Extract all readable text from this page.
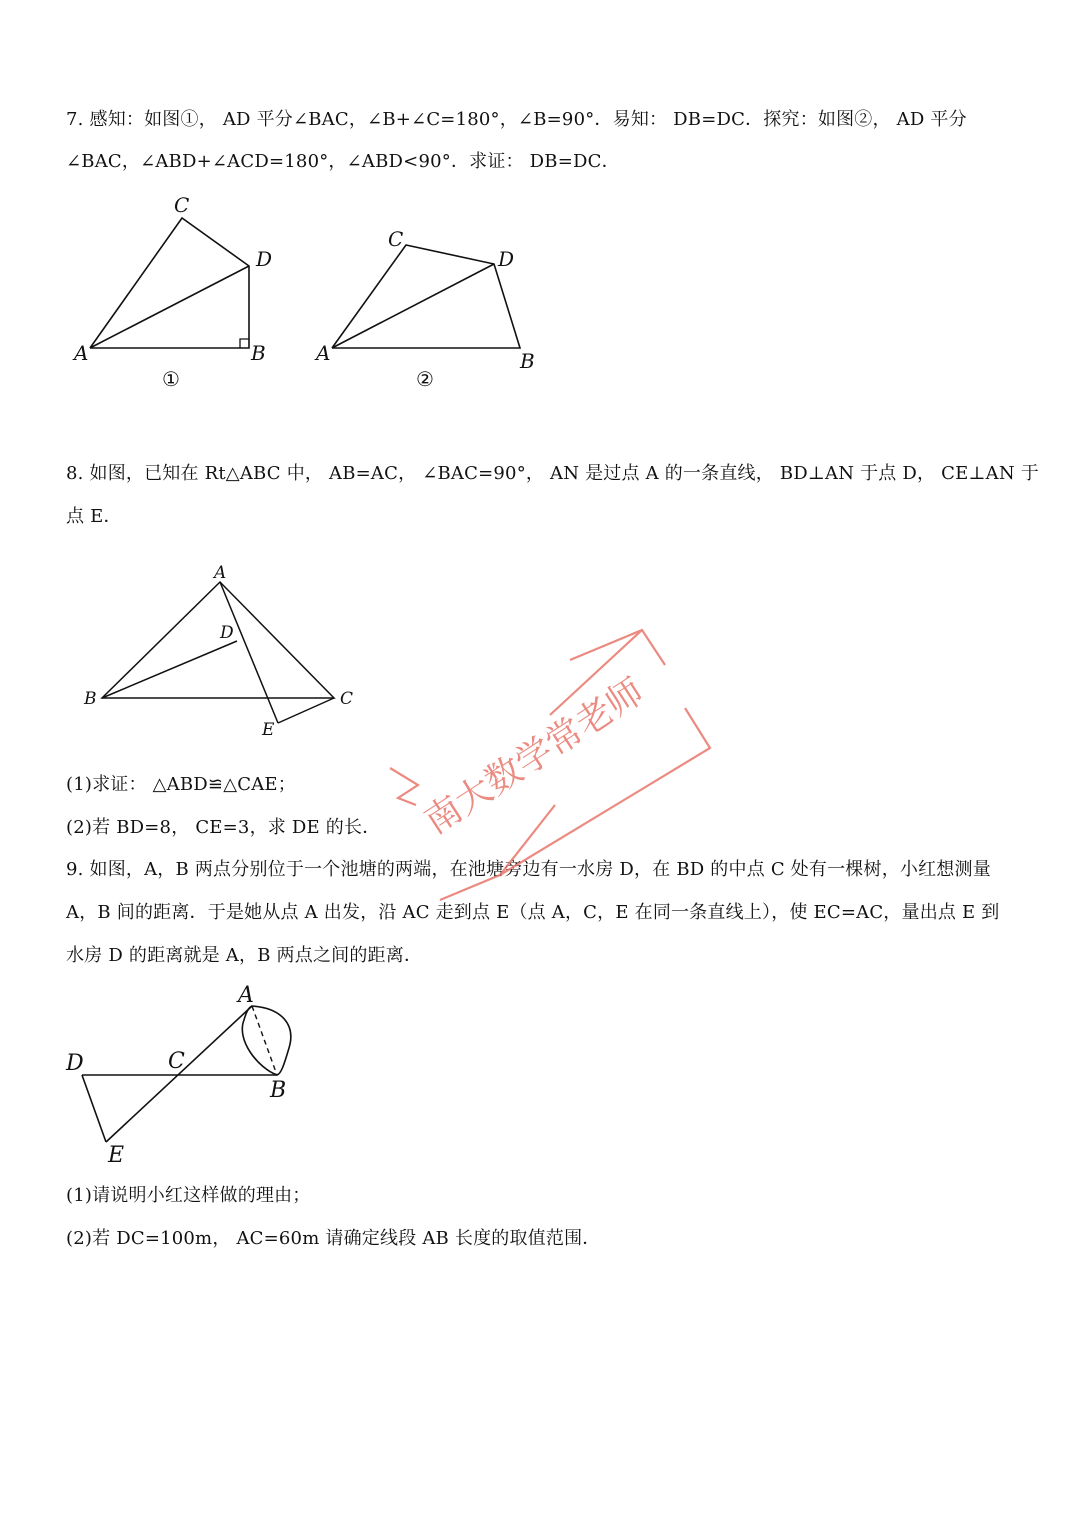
7. 感知：如图①， AD 平分∠BAC，∠B+∠C=180°，∠B=90°．易知： DB=DC．探究：如图②， AD 平分
∠BAC，∠ABD+∠ACD=180°，∠ABD<90°．求证： DB=DC．
C
D
A	B
①
C
D
A	B
②
8. 如图，已知在 Rt△ABC 中， AB=AC， ∠BAC=90°， AN 是过点 A 的一条直线， BD⊥AN 于点 D， CE⊥AN 于
点 E．
A
D
B	C
E
(1)求证： △ABD≌△CAE；
(2)若 BD=8， CE=3，求 DE 的长．
9. 如图，A，B 两点分别位于一个池塘的两端，在池塘旁边有一水房 D，在 BD 的中点 C 处有一棵树，小红想测量
A，B 间的距离．于是她从点 A 出发，沿 AC 走到点 E（点 A，C，E 在同一条直线上），使 EC=AC，量出点 E 到
水房 D 的距离就是 A，B 两点之间的距离．
A
D	C
B
E
(1)请说明小红这样做的理由；
(2)若 DC=100m， AC=60m 请确定线段 AB 长度的取值范围．
南大数学常老师
